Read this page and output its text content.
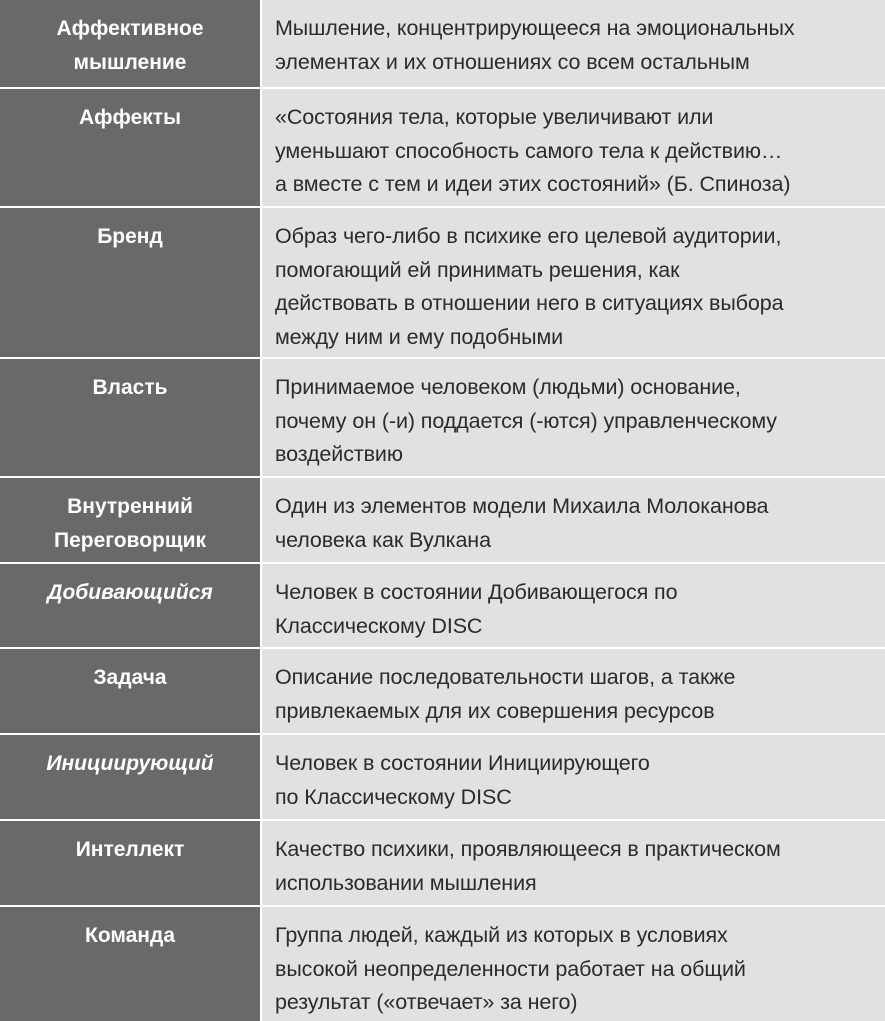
Аффективное
мышление	Мышление, концентрирующееся на эмоциональных
элементах и их отношениях со всем остальным

Аффекты	«Состояния тела, которые увеличивают или
уменьшают способность самого тела к действию…
а вместе с тем и идеи этих состояний» (Б. Спиноза)

Бренд	Образ чего-либо в психике его целевой аудитории,
помогающий ей принимать решения, как
действовать в отношении него в ситуациях выбора
между ним и ему подобными

Власть	Принимаемое человеком (людьми) основание,
почему он (-и) поддается (-ются) управленческому
воздействию

Внутренний
Переговорщик	Один из элементов модели Михаила Молоканова
человека как Вулкана

Добивающийся	Человек в состоянии Добивающегося по
Классическому DISC

Задача	Описание последовательности шагов, а также
привлекаемых для их совершения ресурсов

Инициирующий	Человек в состоянии Инициирующего
по Классическому DISC

Интеллект	Качество психики, проявляющееся в практическом
использовании мышления

Команда	Группа людей, каждый из которых в условиях
высокой неопределенности работает на общий
результат («отвечает» за него)
